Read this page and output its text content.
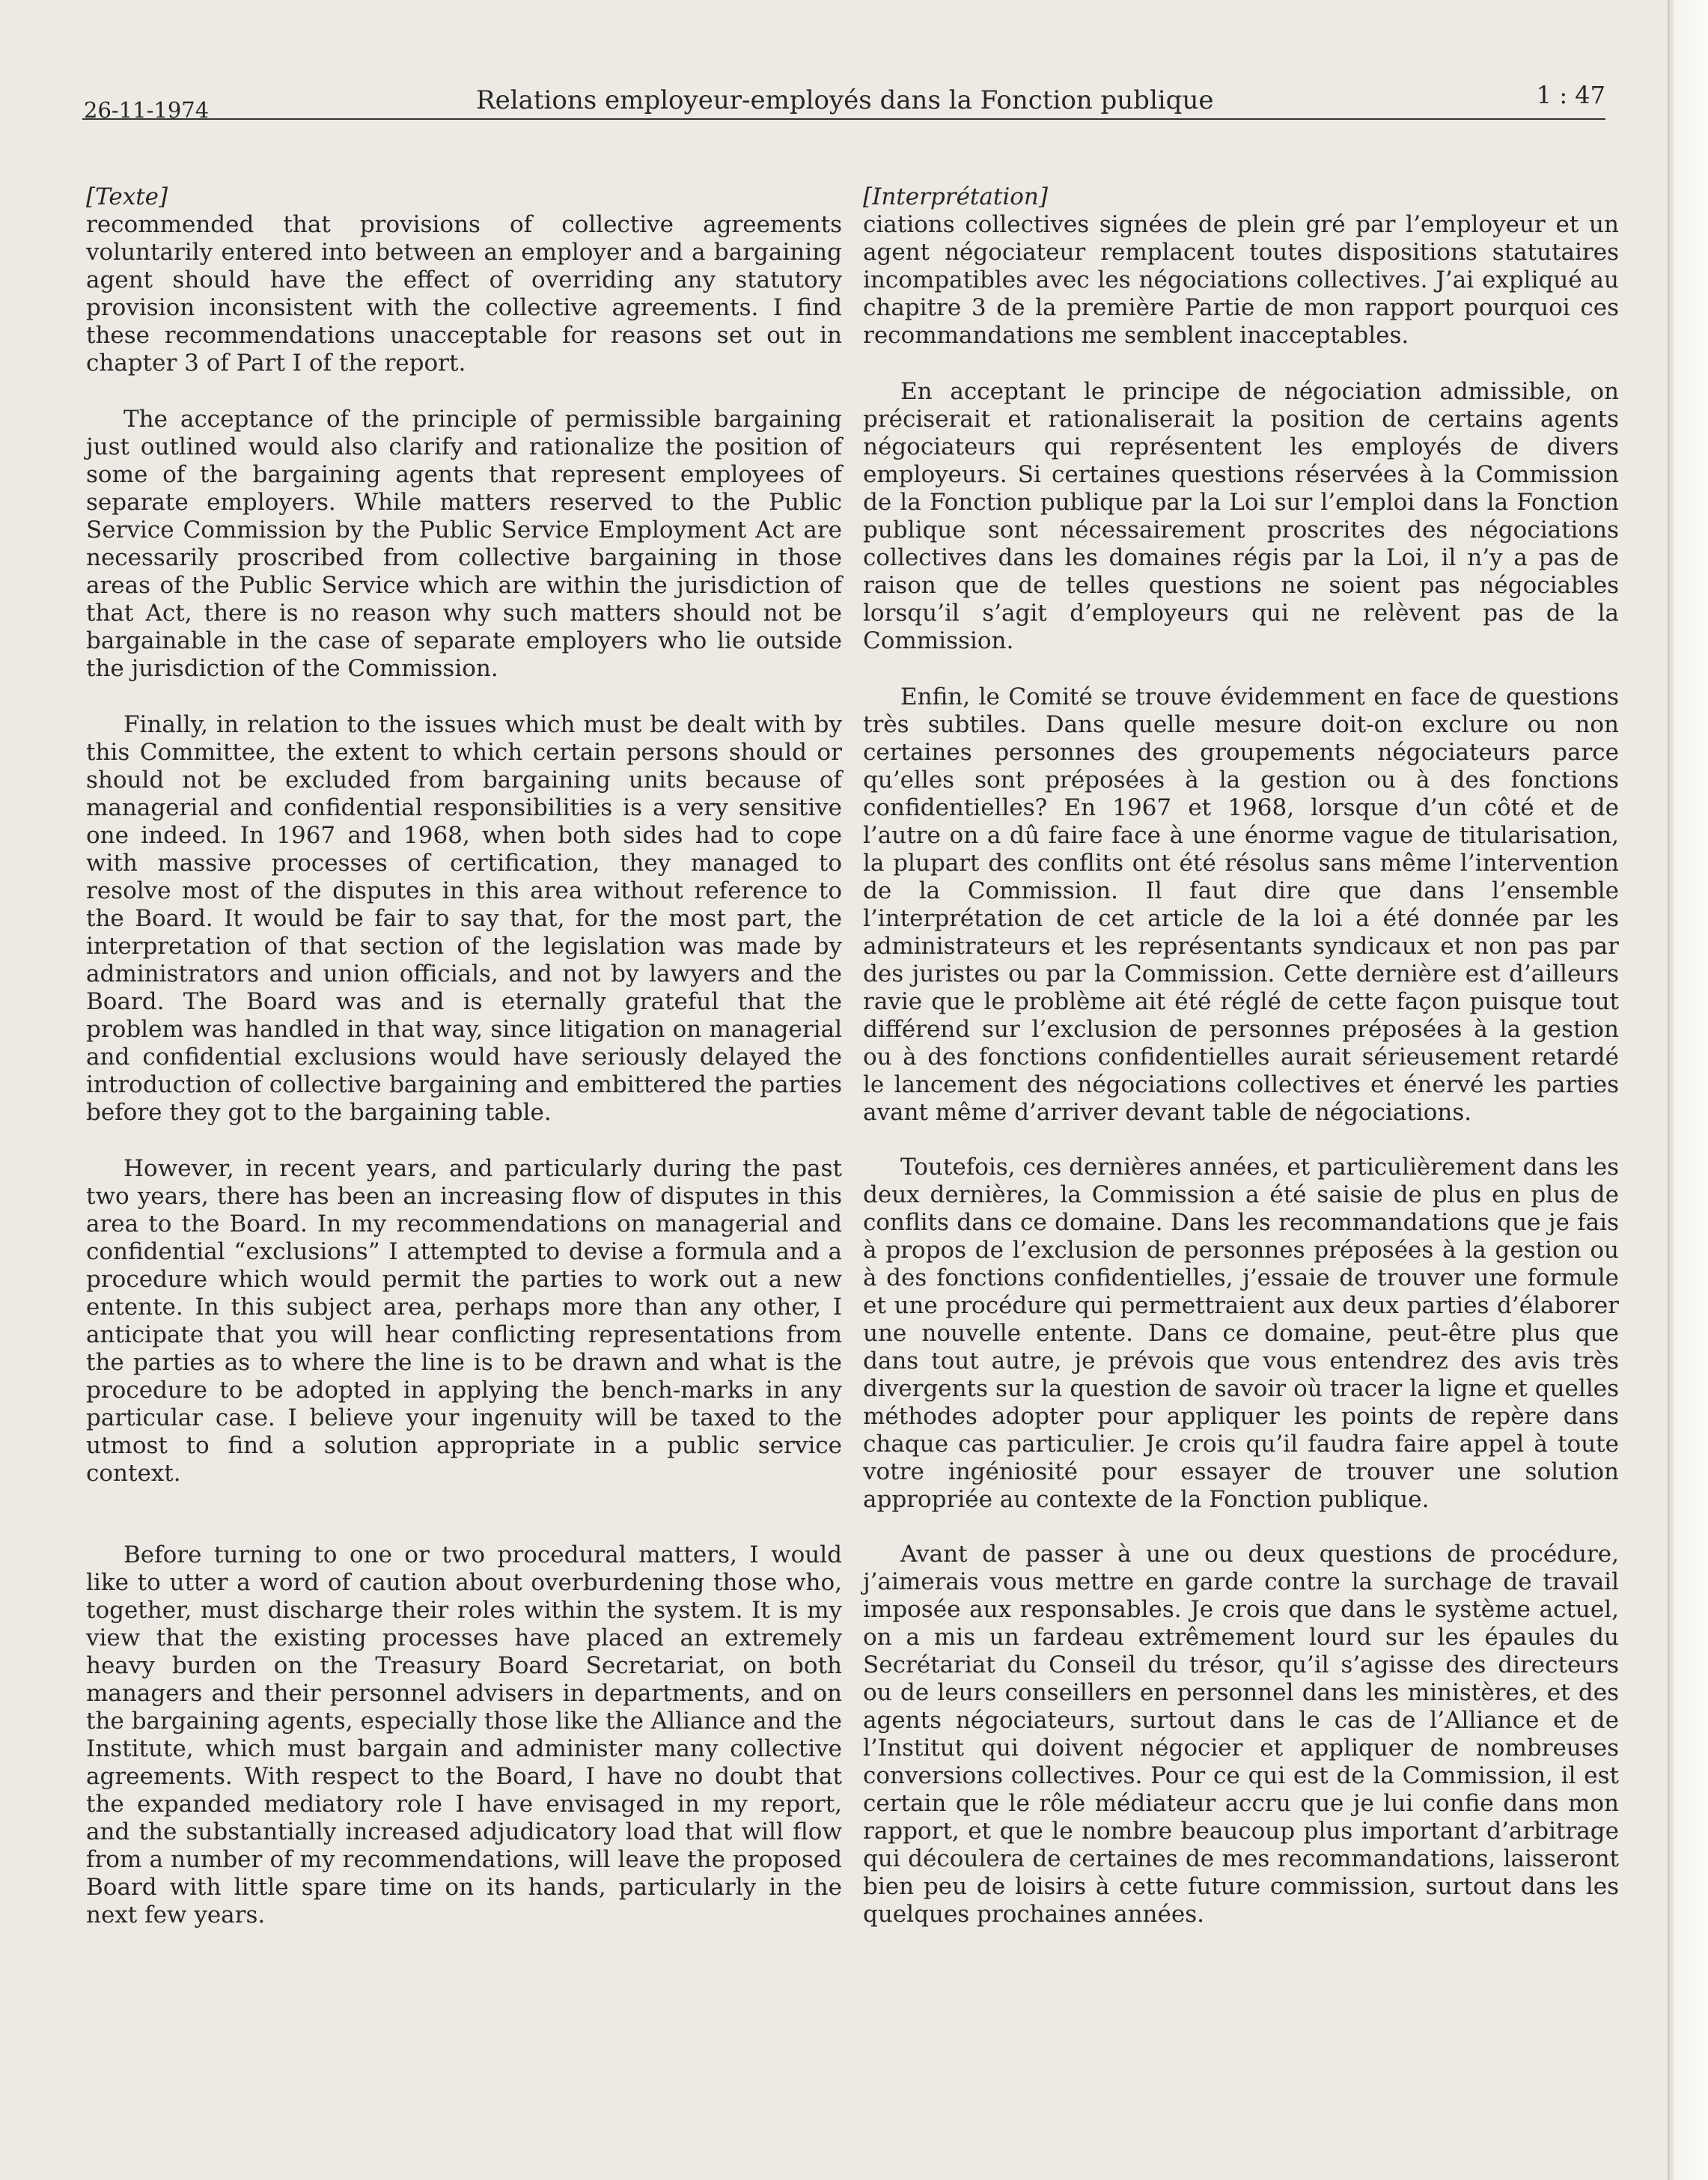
26-11-1974	Relations employeur-employés dans la Fonction publique	1 : 47

[Texte]

recommended that provisions of collective agreements voluntarily entered into between an employer and a bargaining agent should have the effect of overriding any statutory provision inconsistent with the collective agreements. I find these recommendations unacceptable for reasons set out in chapter 3 of Part I of the report.

The acceptance of the principle of permissible bargaining just outlined would also clarify and rationalize the position of some of the bargaining agents that represent employees of separate employers. While matters reserved to the Public Service Commission by the Public Service Employment Act are necessarily proscribed from collective bargaining in those areas of the Public Service which are within the jurisdiction of that Act, there is no reason why such matters should not be bargainable in the case of separate employers who lie outside the jurisdiction of the Commission.

Finally, in relation to the issues which must be dealt with by this Committee, the extent to which certain persons should or should not be excluded from bargaining units because of managerial and confidential responsibilities is a very sensitive one indeed. In 1967 and 1968, when both sides had to cope with massive processes of certification, they managed to resolve most of the disputes in this area without reference to the Board. It would be fair to say that, for the most part, the interpretation of that section of the legislation was made by administrators and union officials, and not by lawyers and the Board. The Board was and is eternally grateful that the problem was handled in that way, since litigation on managerial and confidential exclusions would have seriously delayed the introduction of collective bargaining and embittered the parties before they got to the bargaining table.

However, in recent years, and particularly during the past two years, there has been an increasing flow of disputes in this area to the Board. In my recommendations on managerial and confidential “exclusions” I attempted to devise a formula and a procedure which would permit the parties to work out a new entente. In this subject area, perhaps more than any other, I anticipate that you will hear conflicting representations from the parties as to where the line is to be drawn and what is the procedure to be adopted in applying the bench-marks in any particular case. I believe your ingenuity will be taxed to the utmost to find a solution appropriate in a public service context.

Before turning to one or two procedural matters, I would like to utter a word of caution about overburdening those who, together, must discharge their roles within the system. It is my view that the existing processes have placed an extremely heavy burden on the Treasury Board Secretariat, on both managers and their personnel advisers in departments, and on the bargaining agents, especially those like the Alliance and the Institute, which must bargain and administer many collective agreements. With respect to the Board, I have no doubt that the expanded mediatory role I have envisaged in my report, and the substantially increased adjudicatory load that will flow from a number of my recommendations, will leave the proposed Board with little spare time on its hands, particularly in the next few years.

[Interprétation]

ciations collectives signées de plein gré par l’employeur et un agent négociateur remplacent toutes dispositions statutaires incompatibles avec les négociations collectives. J’ai expliqué au chapitre 3 de la première Partie de mon rapport pourquoi ces recommandations me semblent inacceptables.

En acceptant le principe de négociation admissible, on préciserait et rationaliserait la position de certains agents négociateurs qui représentent les employés de divers employeurs. Si certaines questions réservées à la Commission de la Fonction publique par la Loi sur l’emploi dans la Fonction publique sont nécessairement proscrites des négociations collectives dans les domaines régis par la Loi, il n’y a pas de raison que de telles questions ne soient pas négociables lorsqu’il s’agit d’employeurs qui ne relèvent pas de la Commission.

Enfin, le Comité se trouve évidemment en face de questions très subtiles. Dans quelle mesure doit-on exclure ou non certaines personnes des groupements négociateurs parce qu’elles sont préposées à la gestion ou à des fonctions confidentielles? En 1967 et 1968, lorsque d’un côté et de l’autre on a dû faire face à une énorme vague de titularisation, la plupart des conflits ont été résolus sans même l’intervention de la Commission. Il faut dire que dans l’ensemble l’interprétation de cet article de la loi a été donnée par les administrateurs et les représentants syndicaux et non pas par des juristes ou par la Commission. Cette dernière est d’ailleurs ravie que le problème ait été réglé de cette façon puisque tout différend sur l’exclusion de personnes préposées à la gestion ou à des fonctions confidentielles aurait sérieusement retardé le lancement des négociations collectives et énervé les parties avant même d’arriver devant table de négociations.

Toutefois, ces dernières années, et particulièrement dans les deux dernières, la Commission a été saisie de plus en plus de conflits dans ce domaine. Dans les recommandations que je fais à propos de l’exclusion de personnes préposées à la gestion ou à des fonctions confidentielles, j’essaie de trouver une formule et une procédure qui permettraient aux deux parties d’élaborer une nouvelle entente. Dans ce domaine, peut-être plus que dans tout autre, je prévois que vous entendrez des avis très divergents sur la question de savoir où tracer la ligne et quelles méthodes adopter pour appliquer les points de repère dans chaque cas particulier. Je crois qu’il faudra faire appel à toute votre ingéniosité pour essayer de trouver une solution appropriée au contexte de la Fonction publique.

Avant de passer à une ou deux questions de procédure, j’aimerais vous mettre en garde contre la surchage de travail imposée aux responsables. Je crois que dans le système actuel, on a mis un fardeau extrêmement lourd sur les épaules du Secrétariat du Conseil du trésor, qu’il s’agisse des directeurs ou de leurs conseillers en personnel dans les ministères, et des agents négociateurs, surtout dans le cas de l’Alliance et de l’Institut qui doivent négocier et appliquer de nombreuses conversions collectives. Pour ce qui est de la Commission, il est certain que le rôle médiateur accru que je lui confie dans mon rapport, et que le nombre beaucoup plus important d’arbitrage qui découlera de certaines de mes recommandations, laisseront bien peu de loisirs à cette future commission, surtout dans les quelques prochaines années.
